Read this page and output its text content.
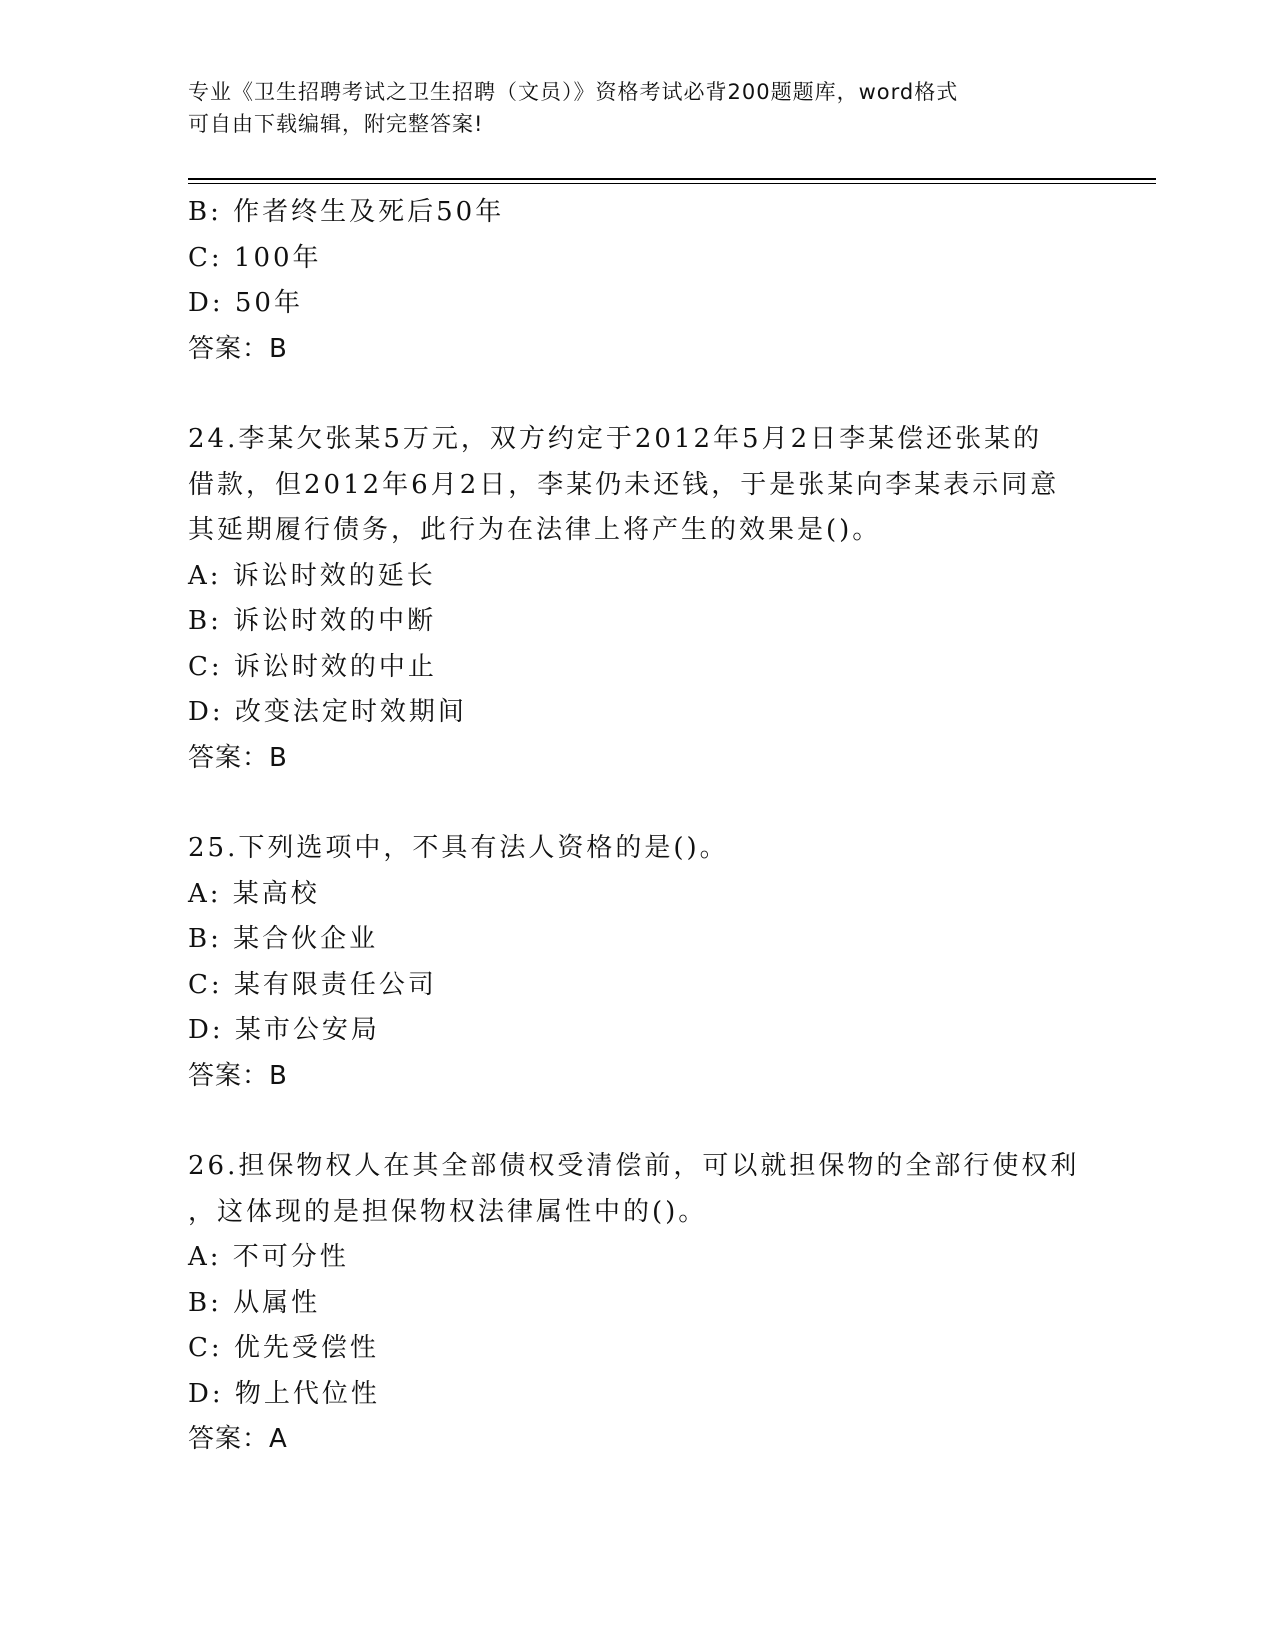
专业《卫生招聘考试之卫生招聘（文员）》资格考试必背200题题库，word格式
可自由下载编辑，附完整答案!
B: 作者终生及死后50年
C: 100年
D: 50年
答案：B
24.李某欠张某5万元，双方约定于2012年5月2日李某偿还张某的
借款，但2012年6月2日，李某仍未还钱，于是张某向李某表示同意
其延期履行债务，此行为在法律上将产生的效果是()。
A: 诉讼时效的延长
B: 诉讼时效的中断
C: 诉讼时效的中止
D: 改变法定时效期间
答案：B
25.下列选项中，不具有法人资格的是()。
A: 某高校
B: 某合伙企业
C: 某有限责任公司
D: 某市公安局
答案：B
26.担保物权人在其全部债权受清偿前，可以就担保物的全部行使权利
，这体现的是担保物权法律属性中的()。
A: 不可分性
B: 从属性
C: 优先受偿性
D: 物上代位性
答案：A
